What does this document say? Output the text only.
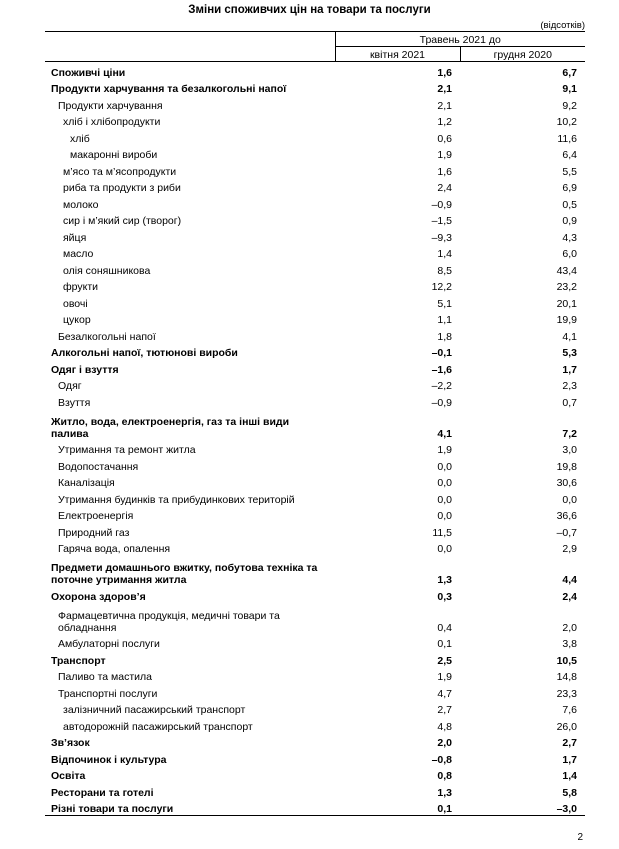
Зміни споживчих цін на товари та послуги
(відсотків)
	Травень 2021 до	
	квітня 2021	грудня 2020
Споживчі ціни	1,6	6,7
Продукти харчування та безалкогольні напої	2,1	9,1
Продукти харчування	2,1	9,2
хліб і хлібопродукти	1,2	10,2
хліб	0,6	11,6
макаронні вироби	1,9	6,4
м’ясо та м’ясопродукти	1,6	5,5
риба та продукти з риби	2,4	6,9
молоко	–0,9	0,5
сир і м’який сир (творог)	–1,5	0,9
яйця	–9,3	4,3
масло	1,4	6,0
олія соняшникова	8,5	43,4
фрукти	12,2	23,2
овочі	5,1	20,1
цукор	1,1	19,9
Безалкогольні напої	1,8	4,1
Алкогольні напої, тютюнові вироби	–0,1	5,3
Одяг і взуття	–1,6	1,7
Одяг	–2,2	2,3
Взуття	–0,9	0,7
Житло, вода, електроенергія, газ та інші види палива	4,1	7,2
Утримання та ремонт житла	1,9	3,0
Водопостачання	0,0	19,8
Каналізація	0,0	30,6
Утримання будинків та прибудинкових територій	0,0	0,0
Електроенергія	0,0	36,6
Природний газ	11,5	–0,7
Гаряча вода, опалення	0,0	2,9
Предмети домашнього вжитку, побутова техніка та поточне утримання житла	1,3	4,4
Охорона здоров’я	0,3	2,4
Фармацевтична продукція, медичні товари та обладнання	0,4	2,0
Амбулаторні послуги	0,1	3,8
Транспорт	2,5	10,5
Паливо та мастила	1,9	14,8
Транспортні послуги	4,7	23,3
залізничний пасажирський транспорт	2,7	7,6
автодорожній пасажирський транспорт	4,8	26,0
Зв’язок	2,0	2,7
Відпочинок і культура	–0,8	1,7
Освіта	0,8	1,4
Ресторани та готелі	1,3	5,8
Різні товари та послуги	0,1	–3,0
2
